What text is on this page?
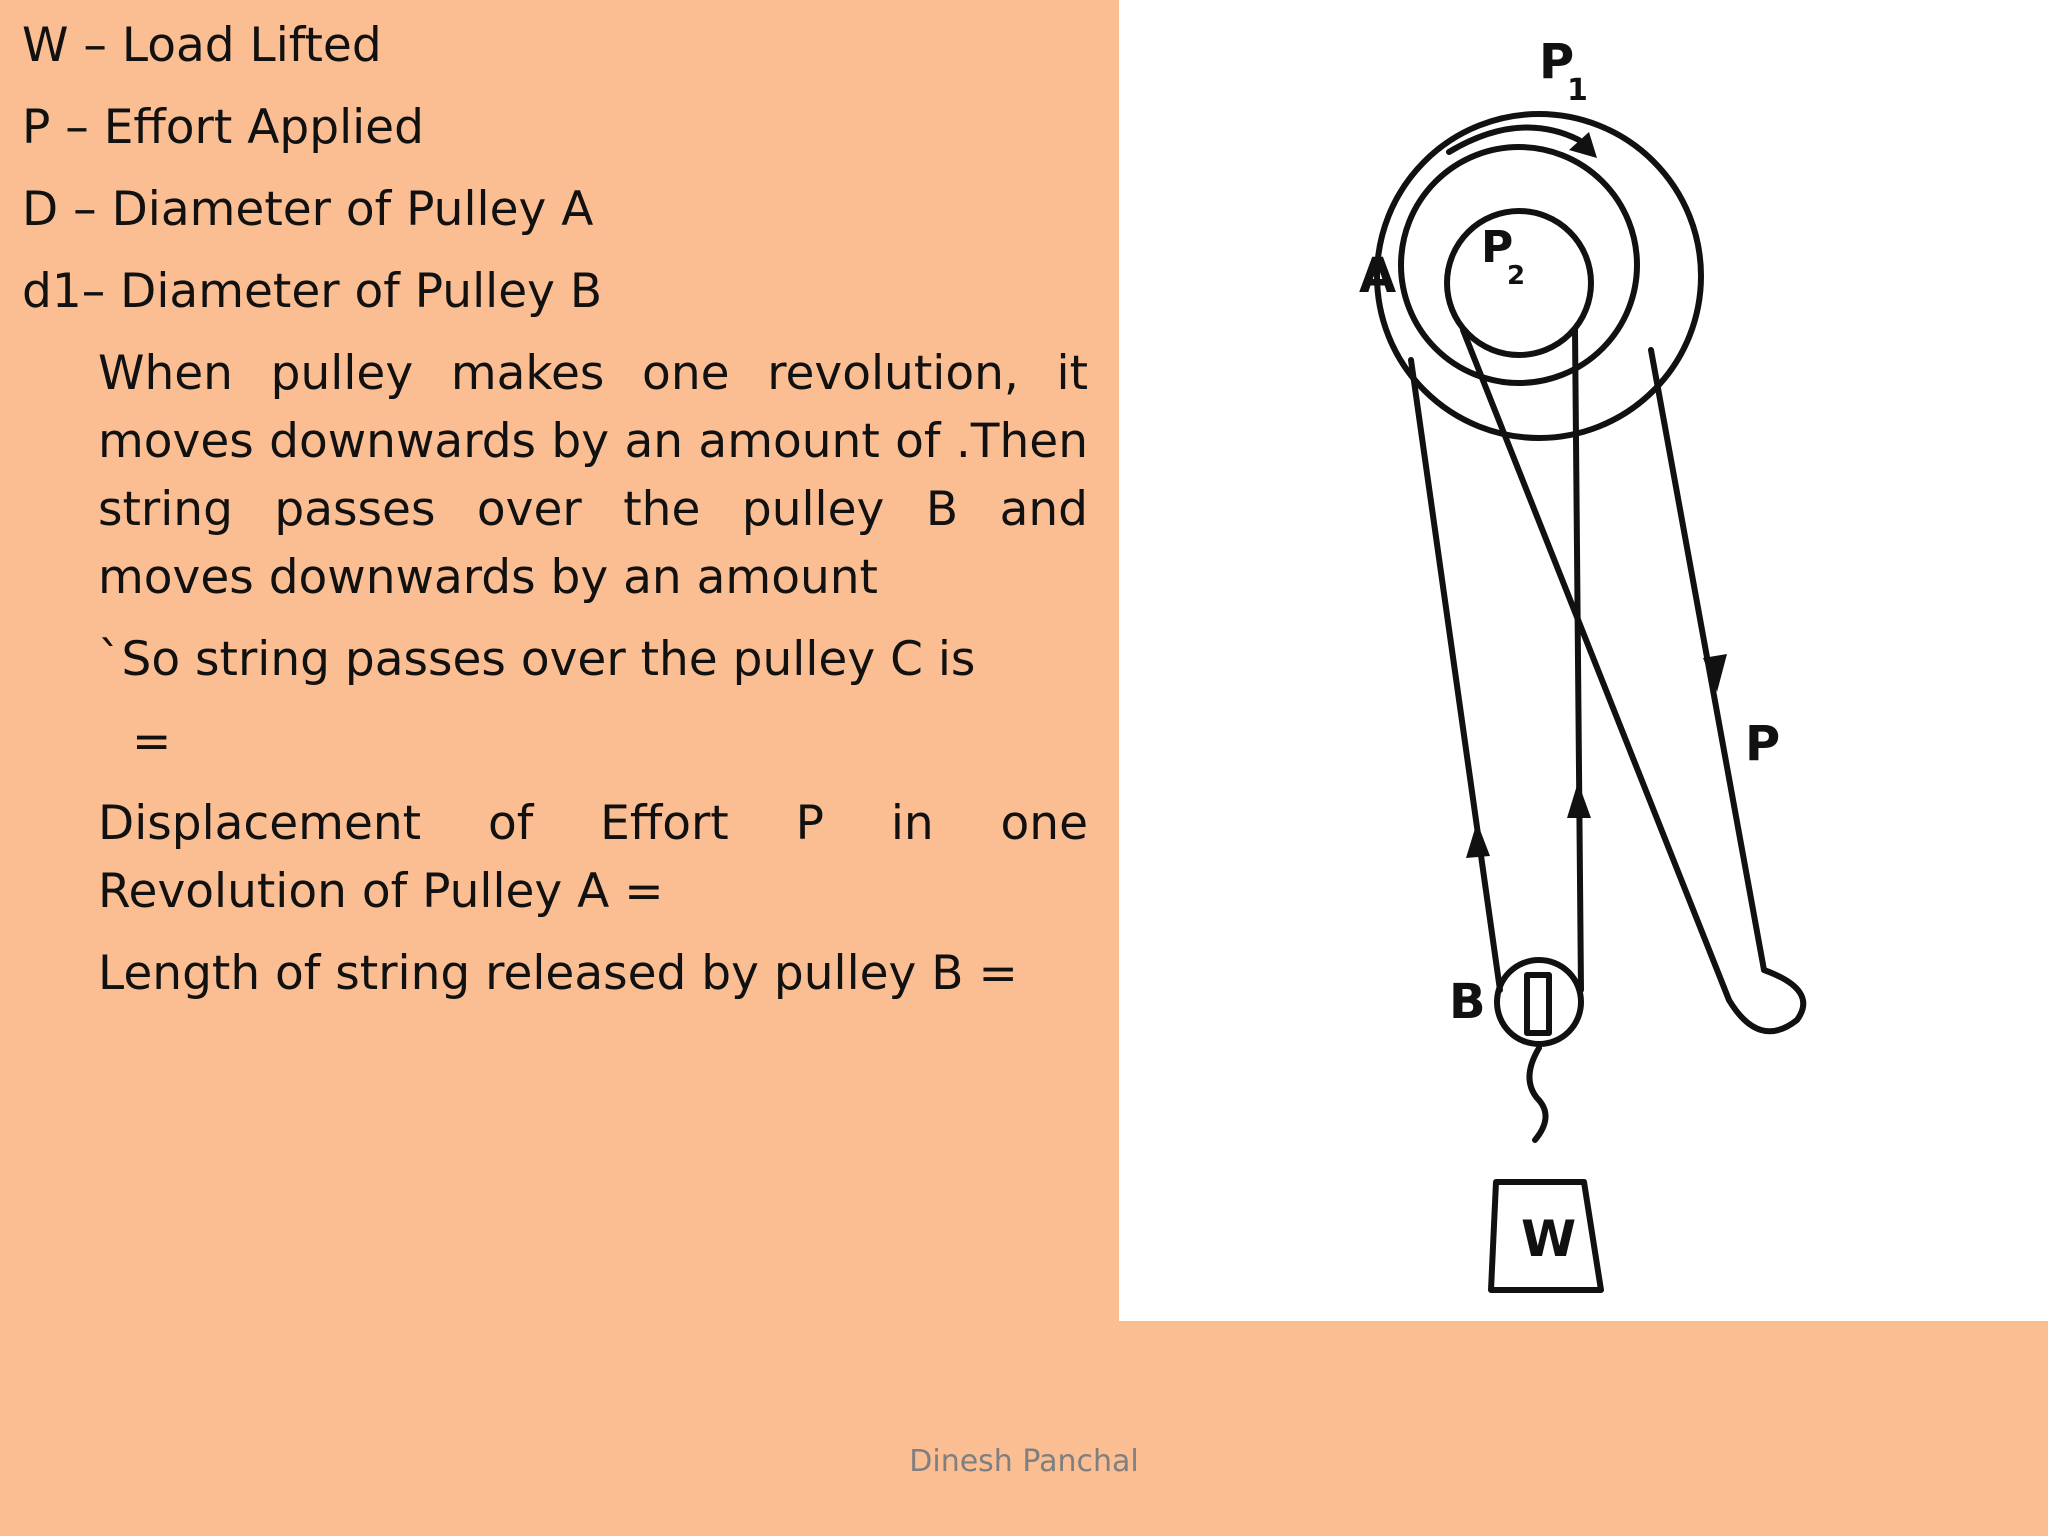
W – Load Lifted
P – Effort Applied
D – Diameter of Pulley A
d1– Diameter of Pulley B
When pulley makes one revolution, it moves downwards by an amount of .Then string passes over the pulley B and moves downwards by an amount
`So string passes over the pulley C is
=
Displacement of Effort P in one Revolution of Pulley A =
Length of string released by pulley B =
P
1
P
2
A
B
P
W
Dinesh Panchal
